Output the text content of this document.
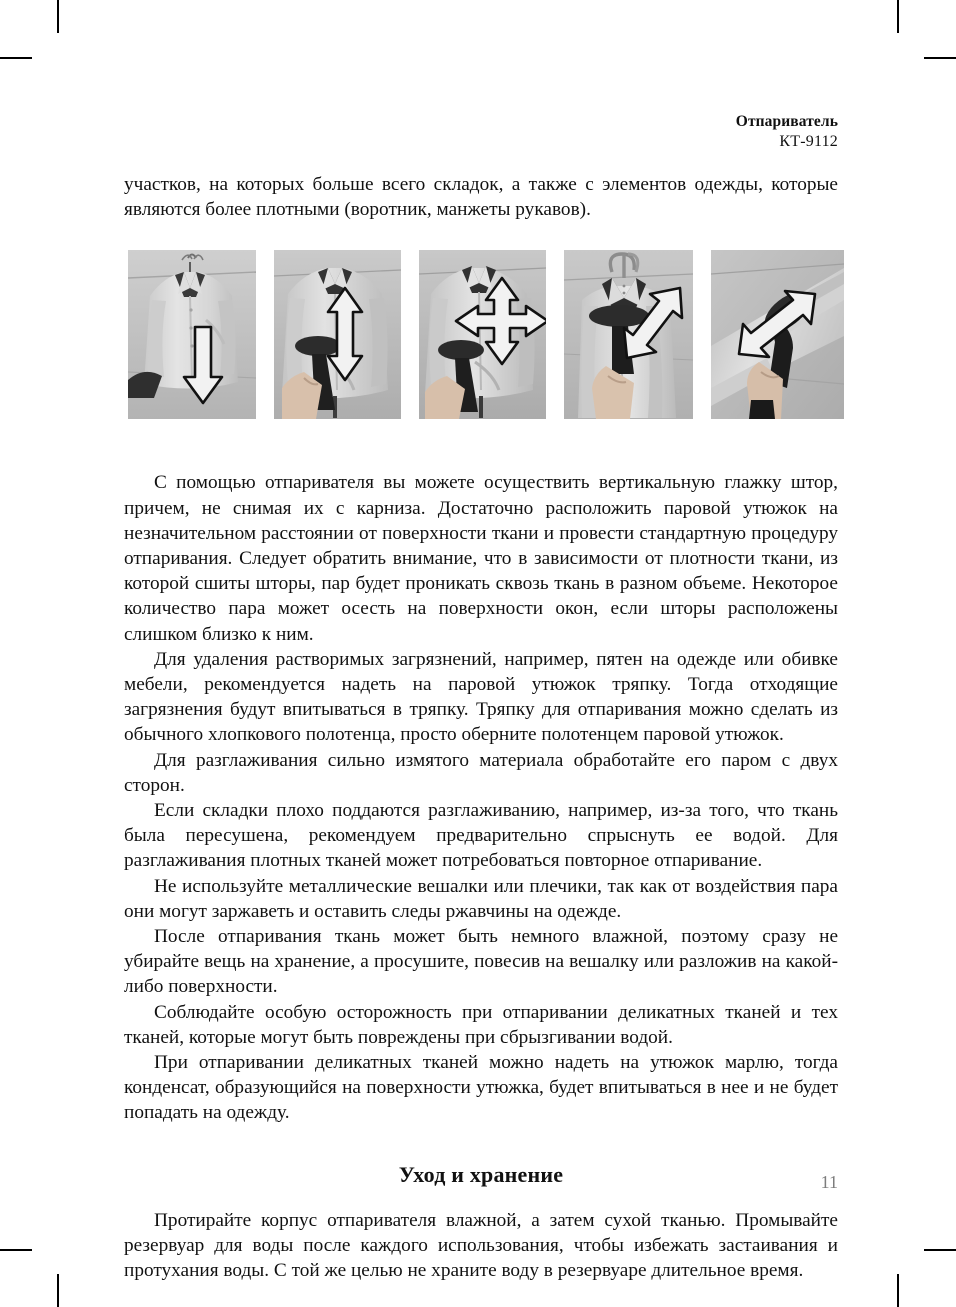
Отпариватель
КТ-9112

участков, на которых больше всего складок, а также с элементов одежды, которые являются более плотными (воротник, манжеты рукавов).

С помощью отпаривателя вы можете осуществить вертикальную глажку штор, причем, не снимая их с карниза. Достаточно расположить паровой утюжок на незначительном расстоянии от поверхности ткани и провести стандартную процедуру отпаривания. Следует обратить внимание, что в зависимости от плотности ткани, из которой сшиты шторы, пар будет проникать сквозь ткань в разном объеме. Некоторое количество пара может осесть на поверхности окон, если шторы расположены слишком близко к ним.

Для удаления растворимых загрязнений, например, пятен на одежде или обивке мебели, рекомендуется надеть на паровой утюжок тряпку. Тогда отходящие загрязнения будут впитываться в тряпку. Тряпку для отпаривания можно сделать из обычного хлопкового полотенца, просто оберните полотенцем паровой утюжок.

Для разглаживания сильно измятого материала обработайте его паром с двух сторон.

Если складки плохо поддаются разглаживанию, например, из-за того, что ткань была пересушена, рекомендуем предварительно спрыснуть ее водой. Для разглаживания плотных тканей может потребоваться повторное отпаривание.

Не используйте металлические вешалки или плечики, так как от воздействия пара они могут заржаветь и оставить следы ржавчины на одежде.

После отпаривания ткань может быть немного влажной, поэтому сразу не убирайте вещь на хранение, а просушите, повесив на вешалку или разложив на какой-либо поверхности.

Соблюдайте особую осторожность при отпаривании деликатных тканей и тех тканей, которые могут быть повреждены при сбрызгивании водой.

При отпаривании деликатных тканей можно надеть на утюжок марлю, тогда конденсат, образующийся на поверхности утюжка, будет впитываться в нее и не будет попадать на одежду.

Уход и хранение

Протирайте корпус отпаривателя влажной, а затем сухой тканью. Промывайте резервуар для воды после каждого использования, чтобы избежать застаивания и протухания воды. С той же целью не храните воду в резервуаре длительное время.

11
